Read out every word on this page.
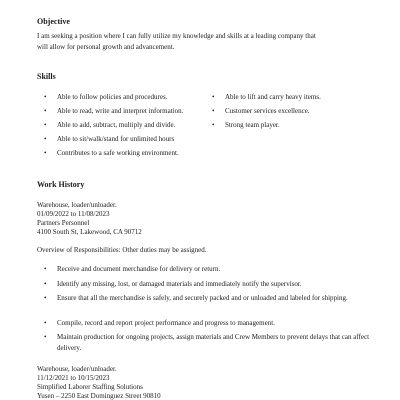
Objective
I am seeking a position where I can fully utilize my knowledge and skills at a leading company that
will allow for personal growth and advancement.
Skills
• Able to follow policies and procedures.
• Able to read, write and interpret information.
• Able to add, subtract, multiply and divide.
• Able to sit/walk/stand for unlimited hours
• Contributes to a safe working environment.
• Able to lift and carry heavy items.
• Customer services excellence.
• Strong team player.
Work History
Warehouse, loader/unloader.
01/09/2022 to 11/08/2023
Partners Personnel
4100 South St, Lakewood, CA 90712
Overview of Responsibilities: Other duties may be assigned.
• Receive and document merchandise for delivery or return.
• Identify any missing, lost, or damaged materials and immediately notify the supervisor.
• Ensure that all the merchandise is safely, and securely packed and or unloaded and labeled for shipping.
• Compile, record and report project performance and progress to management.
• Maintain production for ongoing projects, assign materials and Crew Members to prevent delays that can affect delivery.
Warehouse, loader/unloader.
11/12/2021 to 10/15/2023
Simplified Laborer Staffing Solutions
Yusen – 2250 East Dominguez Street 90810
